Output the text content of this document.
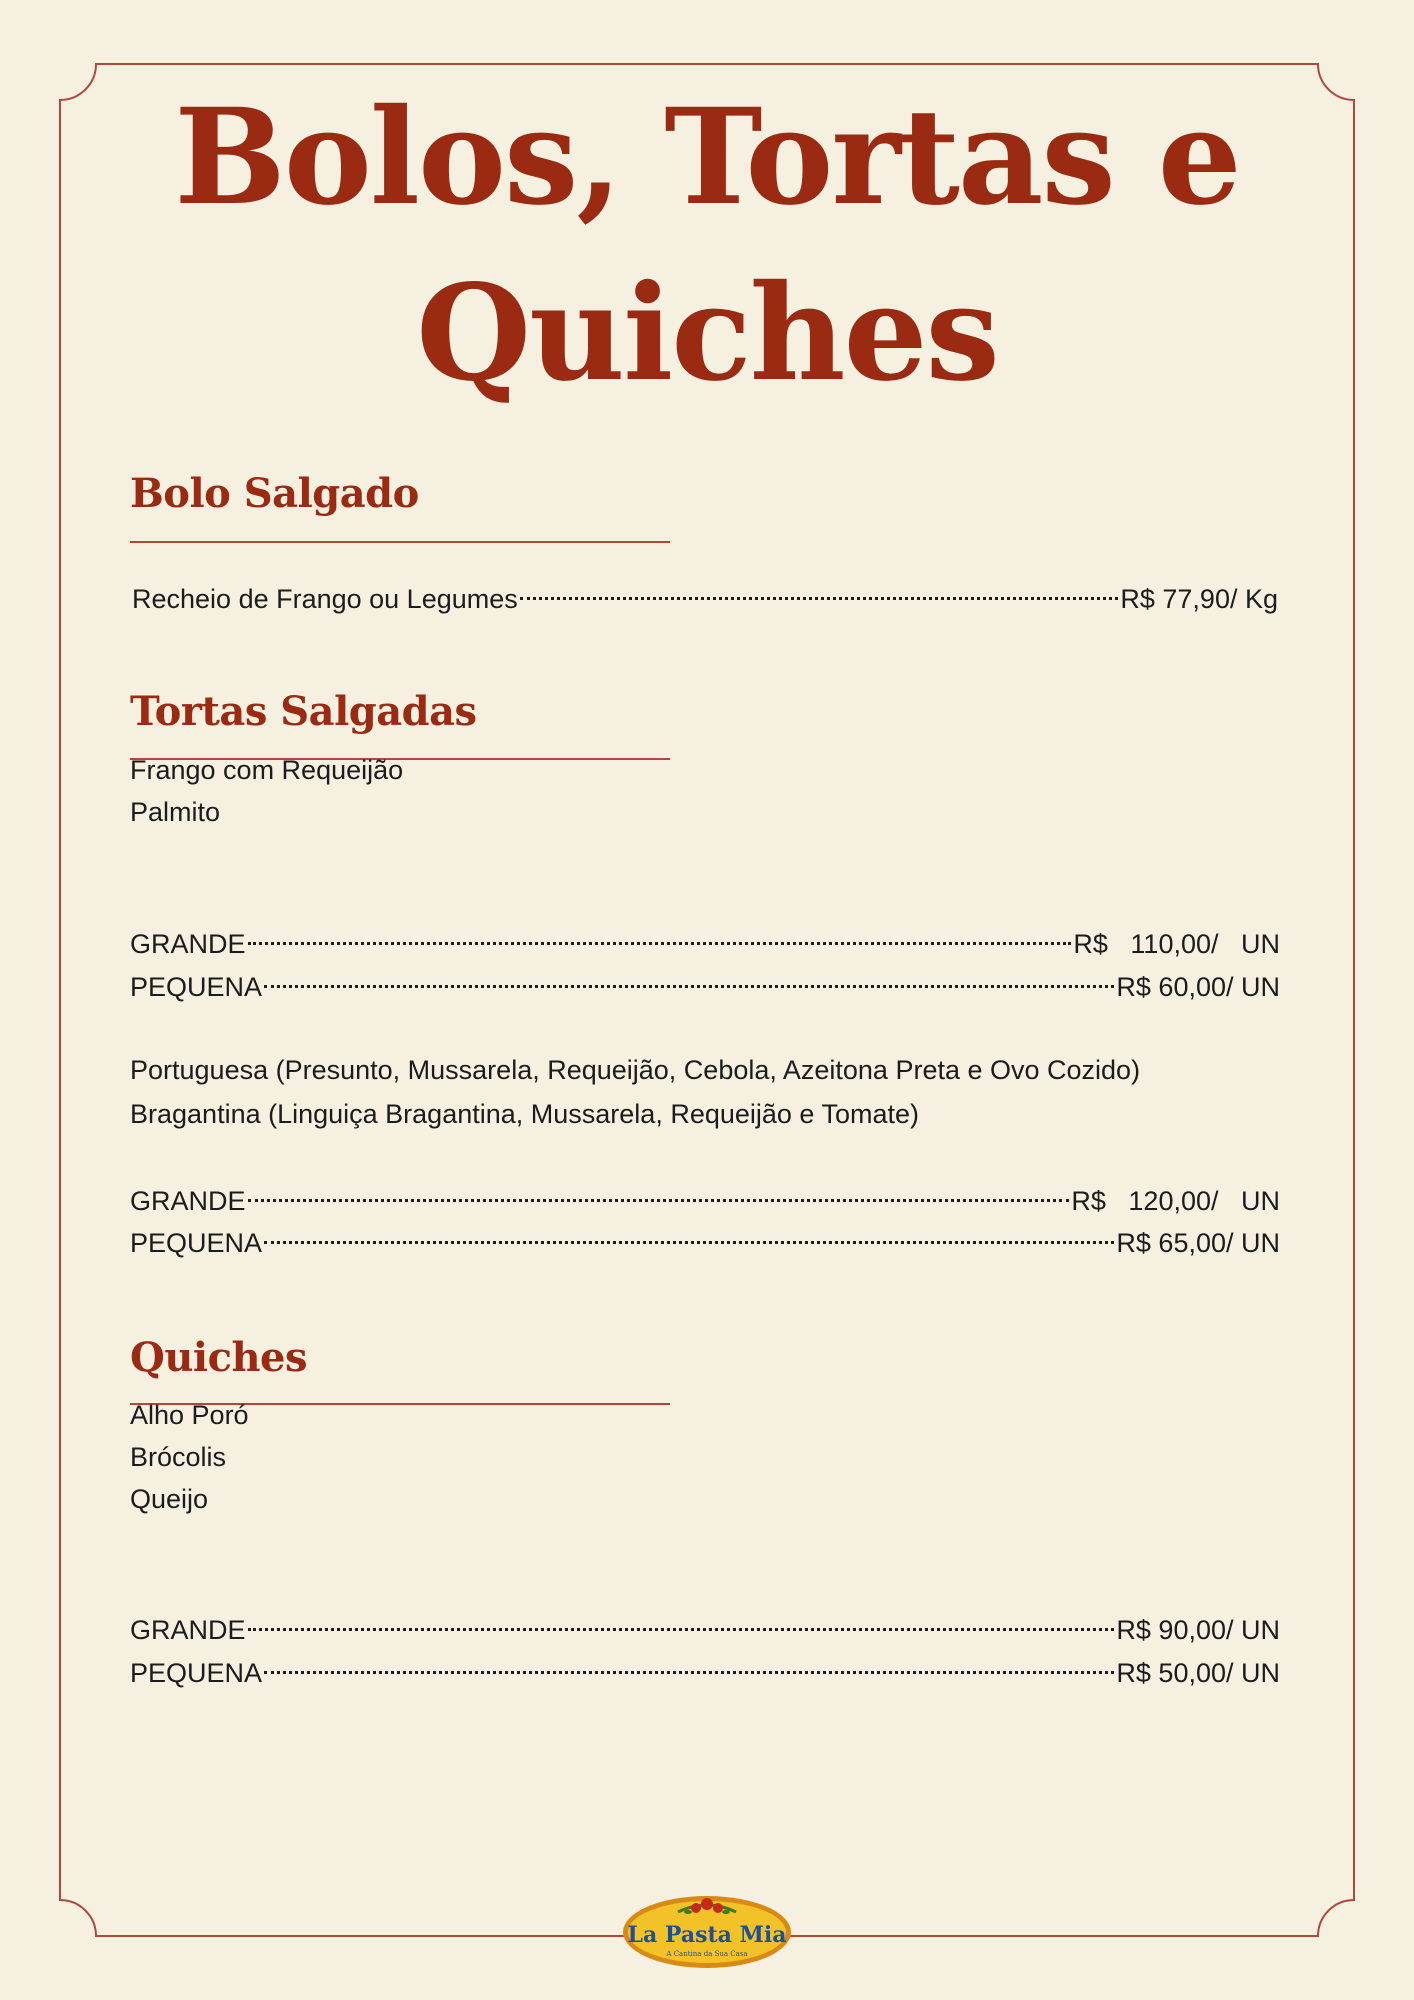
Bolos, Tortas e
Quiches
Bolo Salgado
Recheio de Frango ou Legumes	R$ 77,90/ Kg
Tortas Salgadas
Frango com Requeijão
Palmito
GRANDE	R$   110,00/   UN
PEQUENA	R$ 60,00/ UN
Portuguesa (Presunto, Mussarela, Requeijão, Cebola, Azeitona Preta e Ovo Cozido)
Bragantina (Linguiça Bragantina, Mussarela, Requeijão e Tomate)
GRANDE	R$   120,00/   UN
PEQUENA	R$ 65,00/ UN
Quiches
Alho Poró
Brócolis
Queijo
GRANDE	R$ 90,00/ UN
PEQUENA	R$ 50,00/ UN
La Pasta Mia
A Cantina da Sua Casa
